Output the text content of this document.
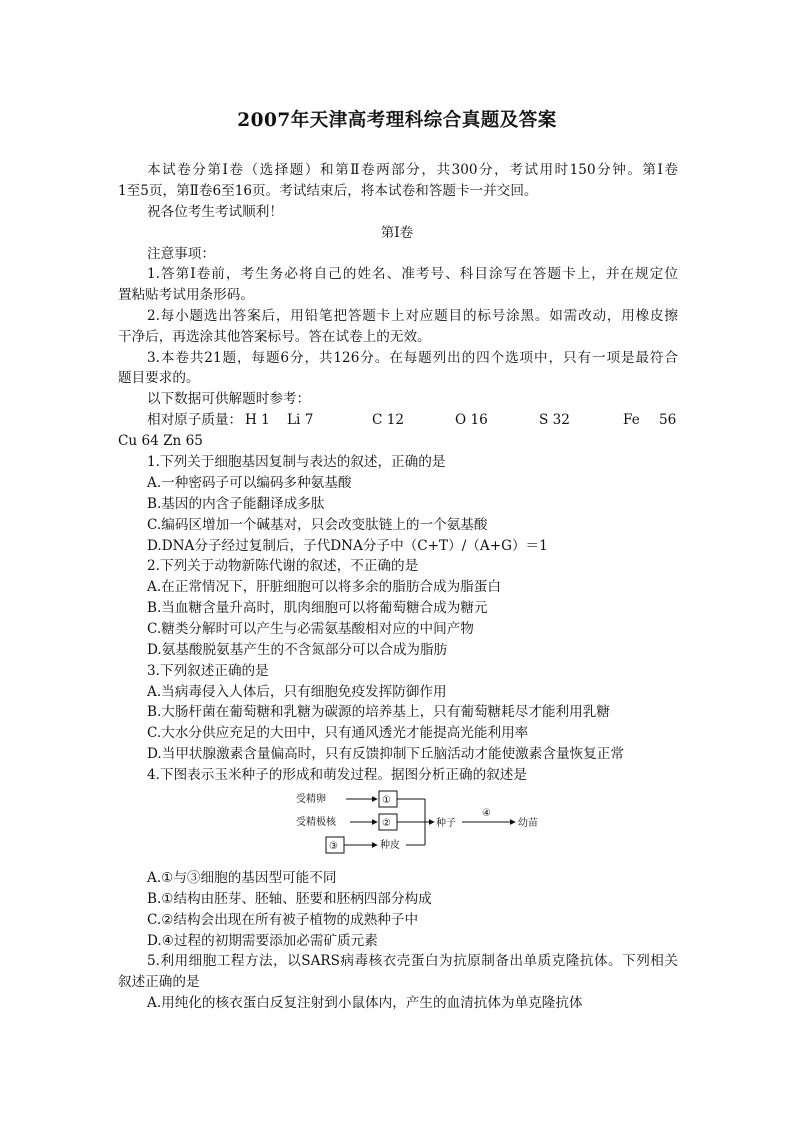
2007年天津高考理科综合真题及答案
本试卷分第Ⅰ卷（选择题）和第Ⅱ卷两部分，共300分，考试用时150分钟。第Ⅰ卷
1至5页，第Ⅱ卷6至16页。考试结束后，将本试卷和答题卡一并交回。
祝各位考生考试顺利！
第Ⅰ卷
注意事项：
1.答第Ⅰ卷前，考生务必将自己的姓名、准考号、科目涂写在答题卡上，并在规定位
置粘贴考试用条形码。
2.每小题选出答案后，用铅笔把答题卡上对应题目的标号涂黑。如需改动，用橡皮擦
干净后，再选涂其他答案标号。答在试卷上的无效。
3.本卷共21题，每题6分，共126分。在每题列出的四个选项中，只有一项是最符合
题目要求的。
以下数据可供解题时参考：
相对原子质量： H 1 Li 7	C 12	O 16	S 32	Fe 56
Cu 64 Zn 65
1.下列关于细胞基因复制与表达的叙述，正确的是
A.一种密码子可以编码多种氨基酸
B.基因的内含子能翻译成多肽
C.编码区增加一个碱基对，只会改变肽链上的一个氨基酸
D.DNA分子经过复制后，子代DNA分子中（C+T）/（A+G）＝1
2.下列关于动物新陈代谢的叙述，不正确的是
A.在正常情况下，肝脏细胞可以将多余的脂肪合成为脂蛋白
B.当血糖含量升高时，肌肉细胞可以将葡萄糖合成为糖元
C.糖类分解时可以产生与必需氨基酸相对应的中间产物
D.氨基酸脱氨基产生的不含氮部分可以合成为脂肪
3.下列叙述正确的是
A.当病毒侵入人体后，只有细胞免疫发挥防御作用
B.大肠杆菌在葡萄糖和乳糖为碳源的培养基上，只有葡萄糖耗尽才能利用乳糖
C.大水分供应充足的大田中，只有通风透光才能提高光能利用率
D.当甲状腺激素含量偏高时，只有反馈抑制下丘脑活动才能使激素含量恢复正常
4.下图表示玉米种子的形成和萌发过程。据图分析正确的叙述是
受精卵
受精极核
①
②
③	种皮
种子
④
幼苗
A.①与③细胞的基因型可能不同
B.①结构由胚芽、胚轴、胚要和胚柄四部分构成
C.②结构会出现在所有被子植物的成熟种子中
D.④过程的初期需要添加必需矿质元素
5.利用细胞工程方法，以SARS病毒核衣壳蛋白为抗原制备出单质克隆抗体。下列相关
叙述正确的是
A.用纯化的核衣蛋白反复注射到小鼠体内，产生的血清抗体为单克隆抗体
